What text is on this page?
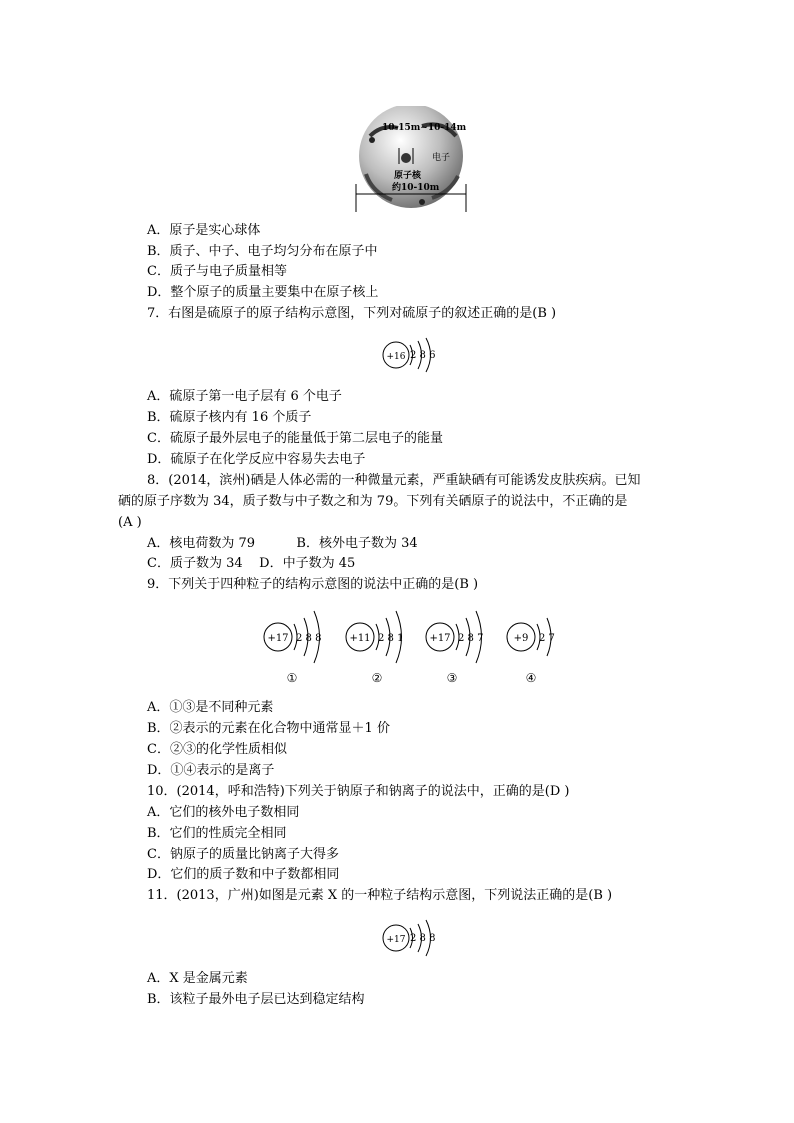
10-15m~10-14m
电子
原子核
约10-10m
A．原子是实心球体
B．质子、中子、电子均匀分布在原子中
C．质子与电子质量相等
D．整个原子的质量主要集中在原子核上
7．右图是硫原子的原子结构示意图，下列对硫原子的叙述正确的是(B )
+16 2 8 6
A．硫原子第一电子层有 6 个电子
B．硫原子核内有 16 个质子
C．硫原子最外层电子的能量低于第二层电子的能量
D．硫原子在化学反应中容易失去电子
8．(2014，滨州)硒是人体必需的一种微量元素，严重缺硒有可能诱发皮肤疾病。已知
硒的原子序数为 34，质子数与中子数之和为 79。下列有关硒原子的说法中，不正确的是
(A )
A．核电荷数为 79          B．核外电子数为 34
C．质子数为 34    D．中子数为 45
9．下列关于四种粒子的结构示意图的说法中正确的是(B )
+17 2 8 8
①
+11 2 8 1
②
+17 2 8 7
③
+9 2 7
④
A．①③是不同种元素
B．②表示的元素在化合物中通常显＋1 价
C．②③的化学性质相似
D．①④表示的是离子
10．(2014，呼和浩特)下列关于钠原子和钠离子的说法中，正确的是(D )
A．它们的核外电子数相同
B．它们的性质完全相同
C．钠原子的质量比钠离子大得多
D．它们的质子数和中子数都相同
11．(2013，广州)如图是元素 X 的一种粒子结构示意图，下列说法正确的是(B )
+17 2 8 8
A．X 是金属元素
B．该粒子最外电子层已达到稳定结构
